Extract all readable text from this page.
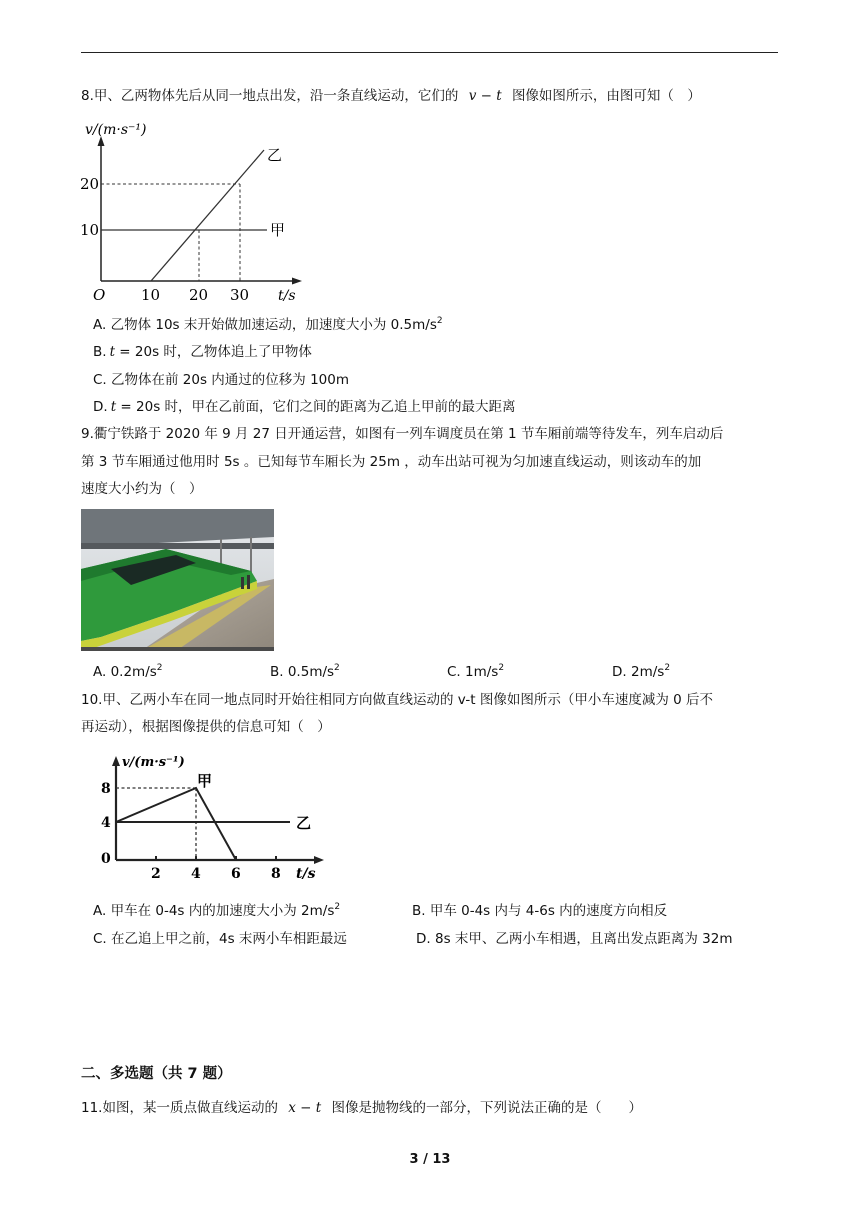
8.甲、乙两物体先后从同一地点出发，沿一条直线运动，它们的 v − t 图像如图所示，由图可知（　）
v/(m·s⁻¹)
甲
乙
20
10
O 10 20 30 t/s
A. 乙物体 10s 末开始做加速运动，加速度大小为 $0.5m/s^2$
B. t = 20s 时，乙物体追上了甲物体
C. 乙物体在前 20s 内通过的位移为 100m
D. t = 20s 时，甲在乙前面，它们之间的距离为乙追上甲前的最大距离
9.衢宁铁路于 2020 年 9 月 27 日开通运营，如图有一列车调度员在第 1 节车厢前端等待发车，列车启动后
第 3 节车厢通过他用时 5s 。已知每节车厢长为 25m ，动车出站可视为匀加速直线运动，则该动车的加
速度大小约为（　）
A. $0.2m/s^2$	B. $0.5m/s^2$	C. $1m/s^2$	D. $2m/s^2$
10.甲、乙两小车在同一地点同时开始往相同方向做直线运动的 v-t 图像如图所示（甲小车速度减为 0 后不
再运动），根据图像提供的信息可知（　）
v/(m·s⁻¹)
甲
乙
8
4
0
2 4 6 8 t/s
A. 甲车在 0-4s 内的加速度大小为 $2m/s^2$	B. 甲车 0-4s 内与 4-6s 内的速度方向相反
C. 在乙追上甲之前，4s 末两小车相距最远	D. 8s 末甲、乙两小车相遇，且离出发点距离为 32m
二、多选题（共 7 题）
11.如图，某一质点做直线运动的 x − t 图像是抛物线的一部分，下列说法正确的是（　　）
3 / 13
